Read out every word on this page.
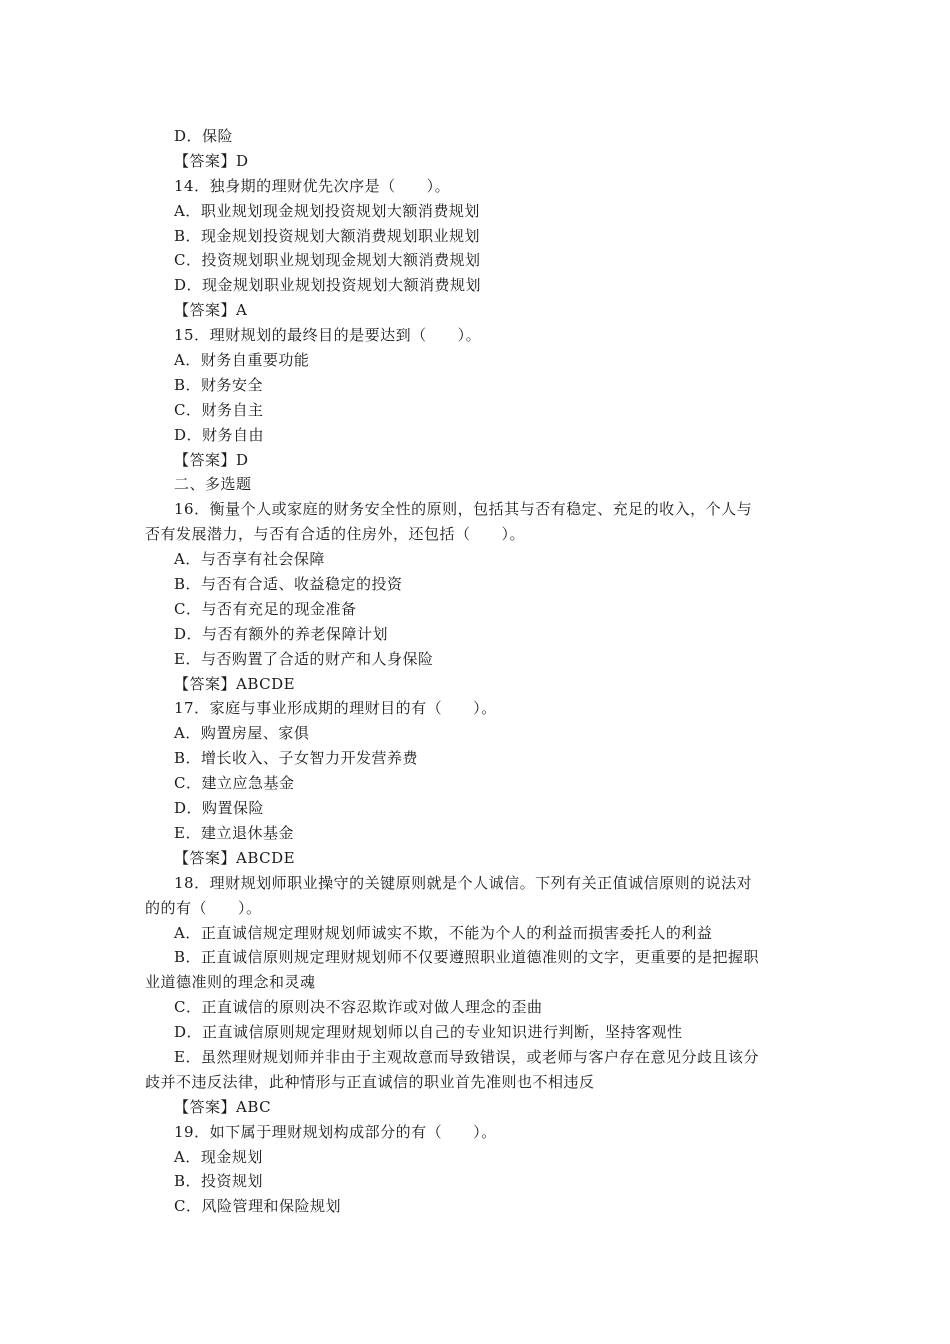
D．保险
【答案】D
14．独身期的理财优先次序是（　　）。
A．职业规划现金规划投资规划大额消费规划
B．现金规划投资规划大额消费规划职业规划
C．投资规划职业规划现金规划大额消费规划
D．现金规划职业规划投资规划大额消费规划
【答案】A
15．理财规划的最终目的是要达到（　　）。
A．财务自重要功能
B．财务安全
C．财务自主
D．财务自由
【答案】D
二、多选题
16．衡量个人或家庭的财务安全性的原则，包括其与否有稳定、充足的收入，个人与
否有发展潜力，与否有合适的住房外，还包括（　　）。
A．与否享有社会保障
B．与否有合适、收益稳定的投资
C．与否有充足的现金准备
D．与否有额外的养老保障计划
E．与否购置了合适的财产和人身保险
【答案】ABCDE
17．家庭与事业形成期的理财目的有（　　）。
A．购置房屋、家俱
B．增长收入、子女智力开发营养费
C．建立应急基金
D．购置保险
E．建立退休基金
【答案】ABCDE
18．理财规划师职业操守的关键原则就是个人诚信。下列有关正值诚信原则的说法对
的的有（　　）。
A．正直诚信规定理财规划师诚实不欺，不能为个人的利益而损害委托人的利益
B．正直诚信原则规定理财规划师不仅要遵照职业道德准则的文字，更重要的是把握职
业道德准则的理念和灵魂
C．正直诚信的原则决不容忍欺诈或对做人理念的歪曲
D．正直诚信原则规定理财规划师以自己的专业知识进行判断，坚持客观性
E．虽然理财规划师并非由于主观故意而导致错误，或老师与客户存在意见分歧且该分
歧并不违反法律，此种情形与正直诚信的职业首先准则也不相违反
【答案】ABC
19．如下属于理财规划构成部分的有（　　）。
A．现金规划
B．投资规划
C．风险管理和保险规划
